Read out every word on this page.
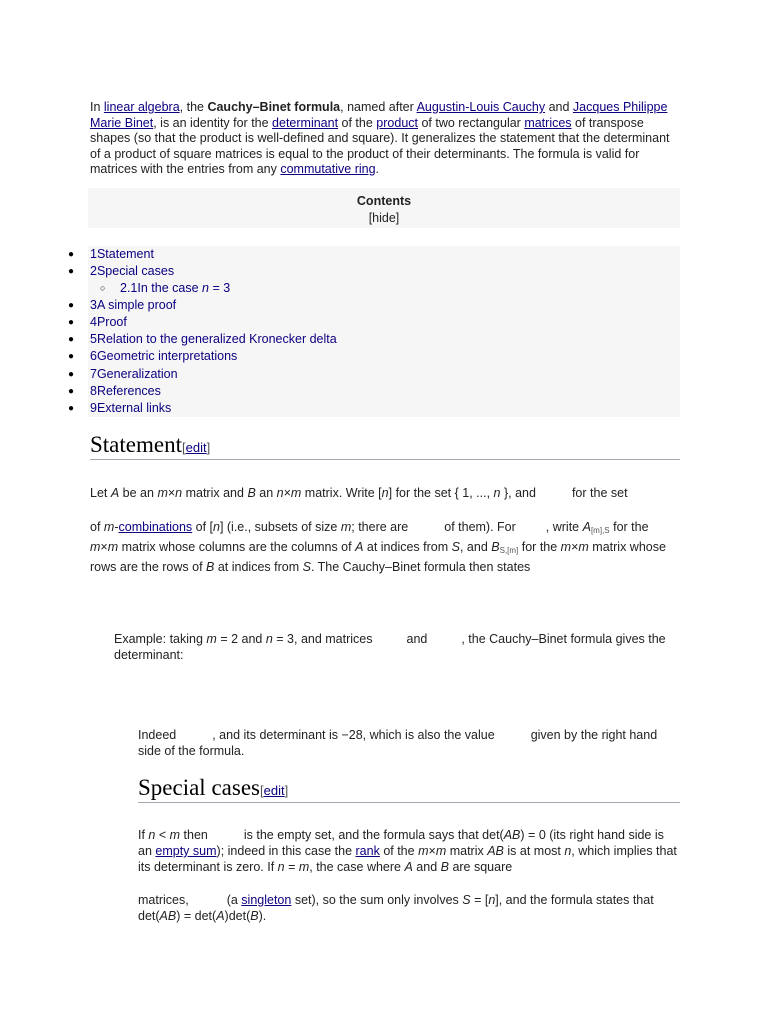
In linear algebra, the Cauchy–Binet formula, named after Augustin-Louis Cauchy and Jacques Philippe Marie Binet, is an identity for the determinant of the product of two rectangular matrices of transpose shapes (so that the product is well-defined and square). It generalizes the statement that the determinant of a product of square matrices is equal to the product of their determinants. The formula is valid for matrices with the entries from any commutative ring.
Contents
[hide]
● 1Statement
● 2Special cases
○ 2.1In the case n = 3
● 3A simple proof
● 4Proof
● 5Relation to the generalized Kronecker delta
● 6Geometric interpretations
● 7Generalization
● 8References
● 9External links
Statement[edit]
Let A be an m×n matrix and B an n×m matrix. Write [n] for the set { 1, ..., n }, and	for the set
of m-combinations of [n] (i.e., subsets of size m; there are	of them). For , write $A_{[m],S}$ for the m×m matrix whose columns are the columns of A at indices from S, and $B_{S,[m]}$ for the m×m matrix whose rows are the rows of B at indices from S. The Cauchy–Binet formula then states
Example: taking m = 2 and n = 3, and matrices	and	, the Cauchy–Binet formula gives the determinant:
Indeed	, and its determinant is −28, which is also the value	given by the right hand side of the formula.
Special cases[edit]
If n < m then	is the empty set, and the formula says that det(AB) = 0 (its right hand side is an empty sum); indeed in this case the rank of the m×m matrix AB is at most n, which implies that its determinant is zero. If n = m, the case where A and B are square
matrices,	(a singleton set), so the sum only involves S = [n], and the formula states that det(AB) = det(A)det(B).
